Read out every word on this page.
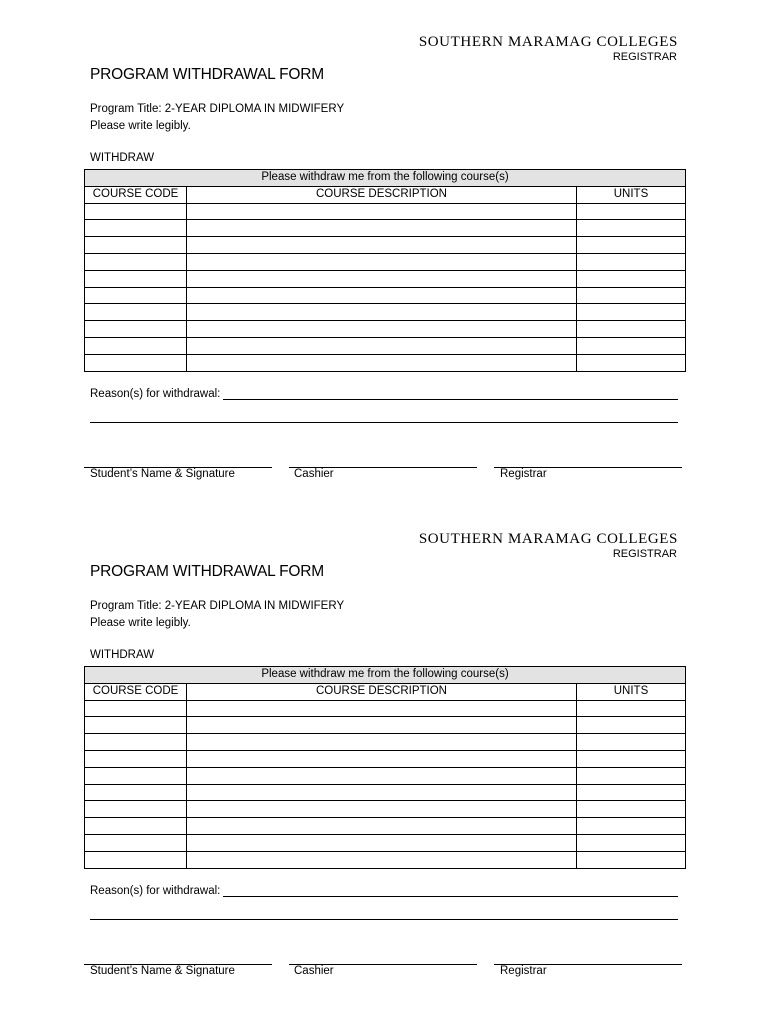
SOUTHERN MARAMAG COLLEGES
REGISTRAR
PROGRAM WITHDRAWAL FORM
Program Title: 2-YEAR DIPLOMA IN MIDWIFERY
Please write legibly.
WITHDRAW
Please withdraw me from the following course(s)		
COURSE CODE	COURSE DESCRIPTION	UNITS

Reason(s) for withdrawal:
Student’s Name & Signature	Cashier	Registrar
SOUTHERN MARAMAG COLLEGES
REGISTRAR
PROGRAM WITHDRAWAL FORM
Program Title: 2-YEAR DIPLOMA IN MIDWIFERY
Please write legibly.
WITHDRAW
Please withdraw me from the following course(s)		
COURSE CODE	COURSE DESCRIPTION	UNITS

Reason(s) for withdrawal:
Student’s Name & Signature	Cashier	Registrar
